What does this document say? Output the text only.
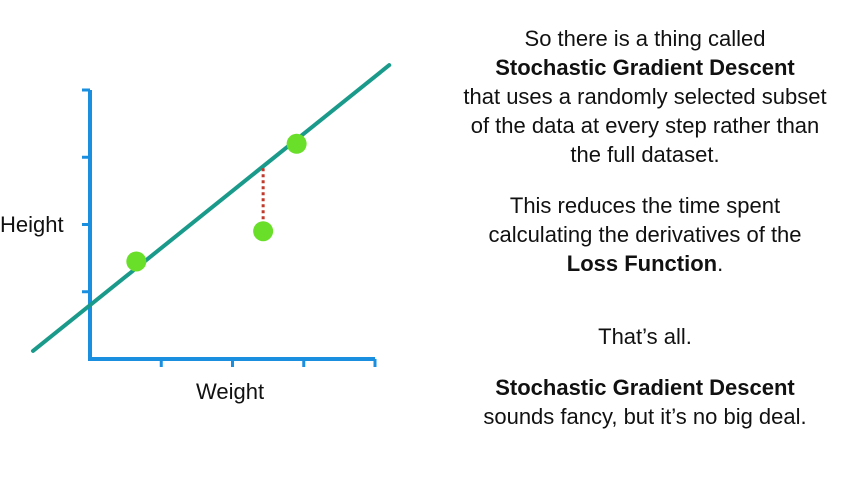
Height
Weight

So there is a thing called
Stochastic Gradient Descent
that uses a randomly selected subset of the data at every step rather than the full dataset.

This reduces the time spent calculating the derivatives of the
Loss Function.

That’s all.

Stochastic Gradient Descent
sounds fancy, but it’s no big deal.
